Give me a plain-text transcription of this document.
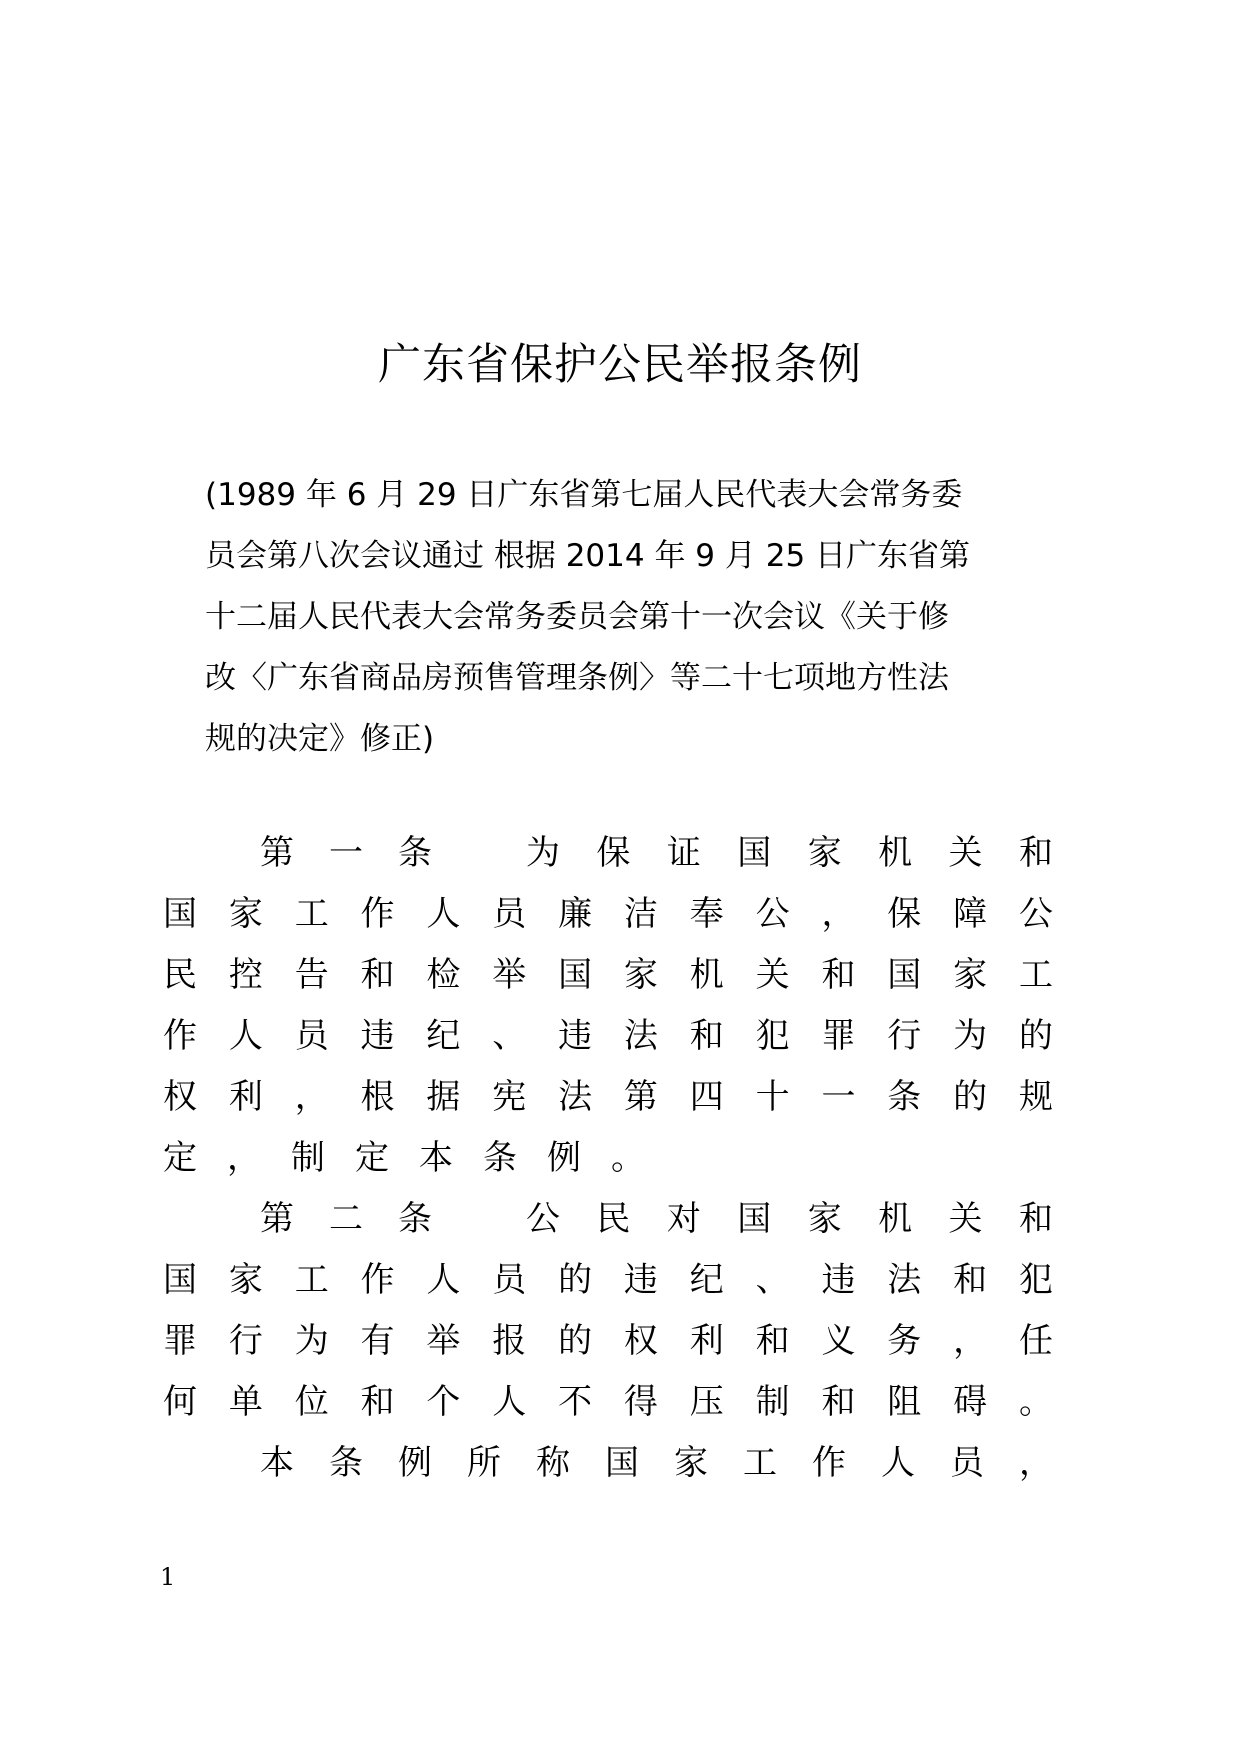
广东省保护公民举报条例
(1989 年 6 月 29 日广东省第七届人民代表大会常务委
员会第八次会议通过 根据 2014 年 9 月 25 日广东省第
十二届人民代表大会常务委员会第十一次会议《关于修
改〈广东省商品房预售管理条例〉等二十七项地方性法
规的决定》修正)
第 一 条	为 保 证 国 家 机 关 和
国 家 工 作 人 员 廉 洁 奉 公 ， 保 障 公
民 控 告 和 检 举 国 家 机 关 和 国 家 工
作 人 员 违 纪 、 违 法 和 犯 罪 行 为 的
权 利 ， 根 据 宪 法 第 四 十 一 条 的 规
定 ， 制 定 本 条 例 。
第 二 条	公 民 对 国 家 机 关 和
国 家 工 作 人 员 的 违 纪 、 违 法 和 犯
罪 行 为 有 举 报 的 权 利 和 义 务 ， 任
何 单 位 和 个 人 不 得 压 制 和 阻 碍 。
本 条 例 所 称 国 家 工 作 人 员 ，
1
